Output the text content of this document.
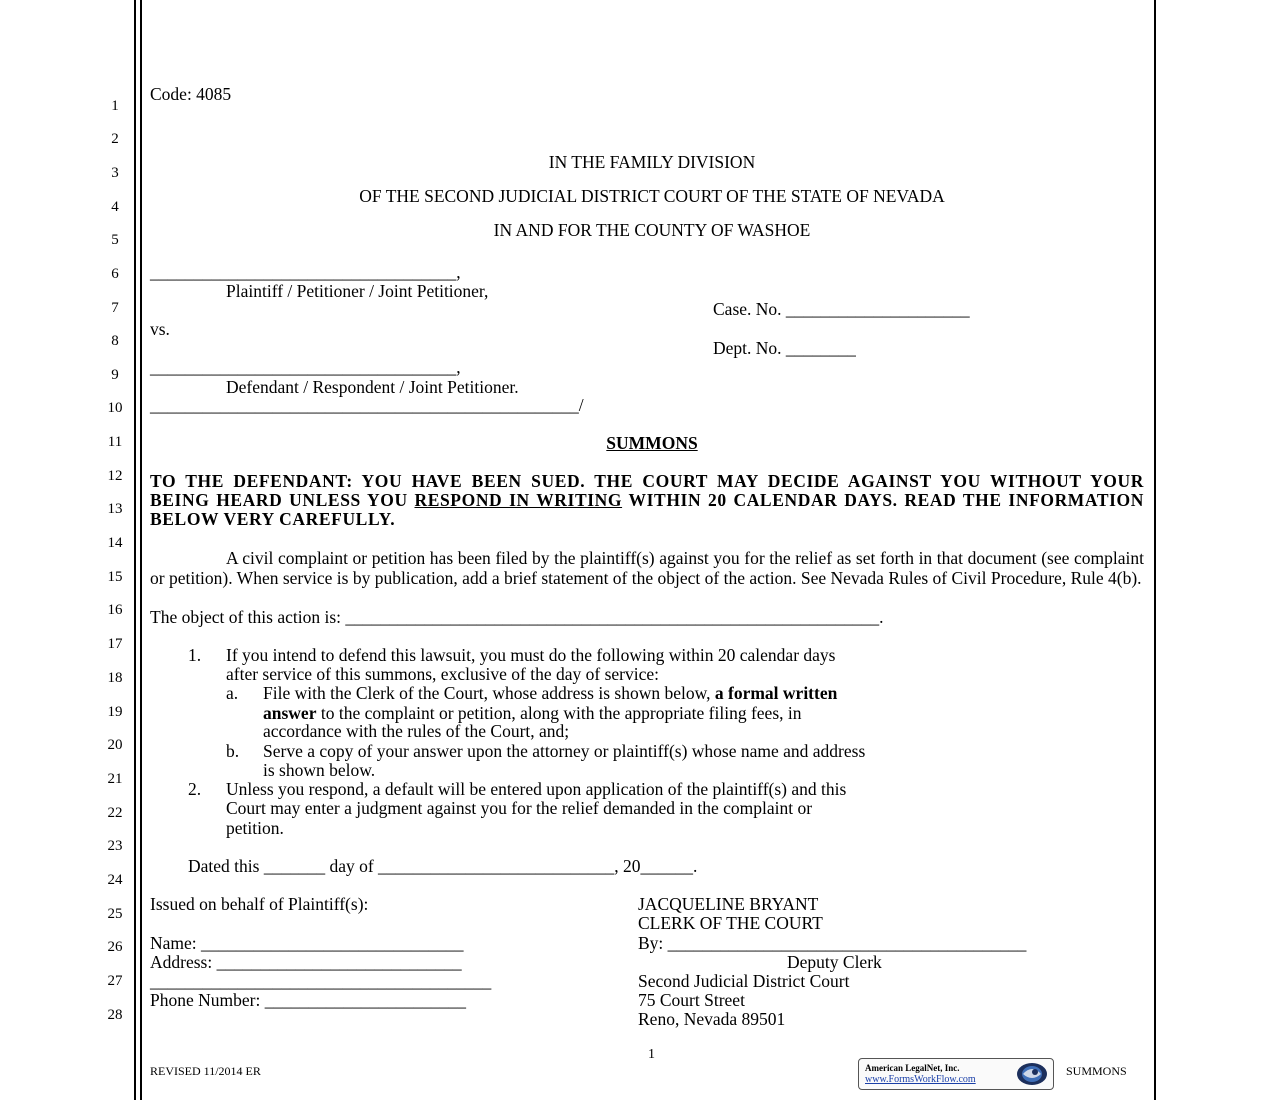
1
2
3
4
5
6
7
8
9
10
11
12
13
14
15
16
17
18
19
20
21
22
23
24
25
26
27
28
Code: 4085
IN THE FAMILY DIVISION
OF THE SECOND JUDICIAL DISTRICT COURT OF THE STATE OF NEVADA
IN AND FOR THE COUNTY OF WASHOE
___________________________________,
Plaintiff / Petitioner / Joint Petitioner,
Case. No. _____________________
vs.
Dept. No. ________
___________________________________,
Defendant / Respondent / Joint Petitioner.
_________________________________________________/
SUMMONS
TO THE DEFENDANT: YOU HAVE BEEN SUED. THE COURT MAY DECIDE AGAINST YOU WITHOUT YOUR BEING HEARD UNLESS YOU RESPOND IN WRITING WITHIN 20 CALENDAR DAYS. READ THE INFORMATION BELOW VERY CAREFULLY.
A civil complaint or petition has been filed by the plaintiff(s) against you for the relief as set forth in that document (see complaint or petition). When service is by publication, add a brief statement of the object of the action. See Nevada Rules of Civil Procedure, Rule 4(b).
The object of this action is: _____________________________________________________________.
1. If you intend to defend this lawsuit, you must do the following within 20 calendar days
after service of this summons, exclusive of the day of service:
a. File with the Clerk of the Court, whose address is shown below, a formal written
answer to the complaint or petition, along with the appropriate filing fees, in
accordance with the rules of the Court, and;
b. Serve a copy of your answer upon the attorney or plaintiff(s) whose name and address
is shown below.
2. Unless you respond, a default will be entered upon application of the plaintiff(s) and this
Court may enter a judgment against you for the relief demanded in the complaint or
petition.
Dated this _______ day of ___________________________, 20______.
Issued on behalf of Plaintiff(s):
Name: ______________________________
Address: ____________________________
_______________________________________
Phone Number: _______________________
JACQUELINE BRYANT
CLERK OF THE COURT
By: _________________________________________
Deputy Clerk
Second Judicial District Court
75 Court Street
Reno, Nevada 89501
1
REVISED 11/2014 ER	American LegalNet, Inc.
www.FormsWorkFlow.com
SUMMONS
